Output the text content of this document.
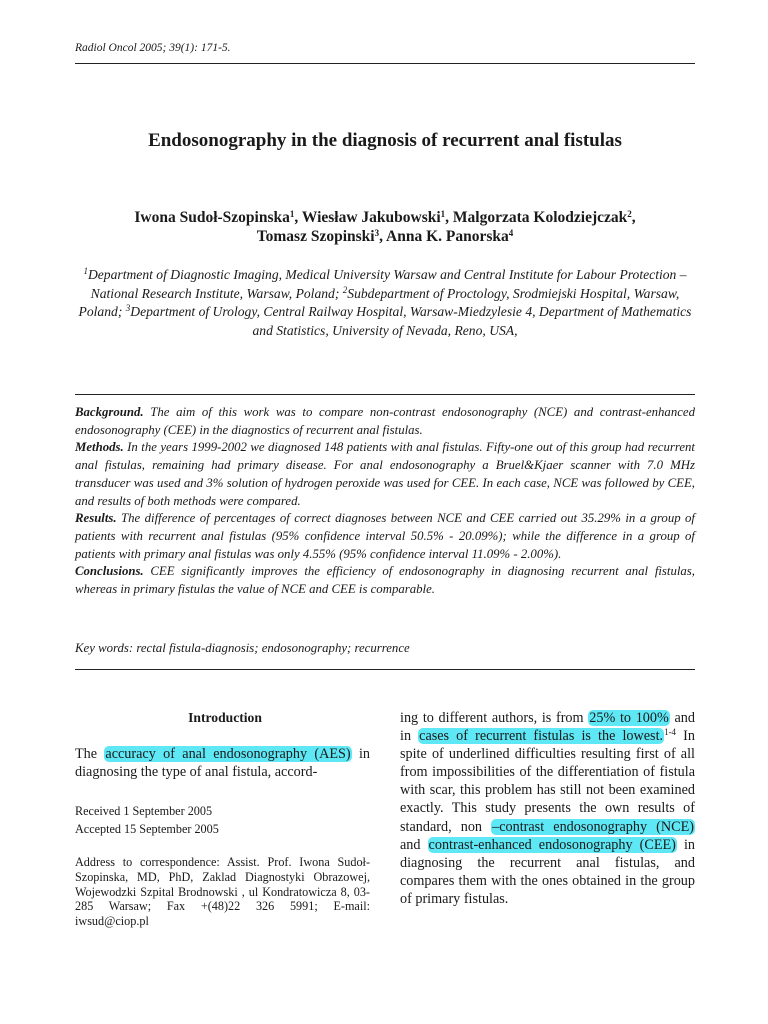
Radiol Oncol 2005; 39(1): 171-5.
Endosonography in the diagnosis of recurrent anal fistulas
Iwona Sudoł-Szopinska$^1$, Wiesław Jakubowski$^1$, Malgorzata Kolodziejczak$^2$,
Tomasz Szopinski$^3$, Anna K. Panorska$^4$
$^1$Department of Diagnostic Imaging, Medical University Warsaw and Central Institute for Labour Protection – National Research Institute, Warsaw, Poland; $^2$Subdepartment of Proctology, Srodmiejski Hospital, Warsaw, Poland; $^3$Department of Urology, Central Railway Hospital, Warsaw-Miedzylesie 4, Department of Mathematics and Statistics, University of Nevada, Reno, USA,

Background. The aim of this work was to compare non-contrast endosonography (NCE) and contrast-enhanced endosonography (CEE) in the diagnostics of recurrent anal fistulas.

Methods. In the years 1999-2002 we diagnosed 148 patients with anal fistulas. Fifty-one out of this group had recurrent anal fistulas, remaining had primary disease. For anal endosonography a Bruel&Kjaer scanner with 7.0 MHz transducer was used and 3% solution of hydrogen peroxide was used for CEE. In each case, NCE was followed by CEE, and results of both methods were compared.

Results. The difference of percentages of correct diagnoses between NCE and CEE carried out 35.29% in a group of patients with recurrent anal fistulas (95% confidence interval 50.5% - 20.09%); while the difference in a group of patients with primary anal fistulas was only 4.55% (95% confidence interval 11.09% - 2.00%).

Conclusions. CEE significantly improves the efficiency of endosonography in diagnosing recurrent anal fistulas, whereas in primary fistulas the value of NCE and CEE is comparable.

Key words: rectal fistula-diagnosis; endosonography; recurrence
Introduction
The accuracy of anal endosonography (AES) in diagnosing the type of anal fistula, accord-
Received 1 September 2005
Accepted 15 September 2005
Address to correspondence: Assist. Prof. Iwona Sudoł-Szopinska, MD, PhD, Zaklad Diagnostyki Obrazowej, Wojewodzki Szpital Brodnowski , ul Kondratowicza 8, 03-285 Warsaw; Fax +(48)22 326 5991; E-mail: iwsud@ciop.pl
ing to different authors, is from 25% to 100% and in cases of recurrent fistulas is the lowest.$^{1-4}$ In spite of underlined difficulties resulting first of all from impossibilities of the differentiation of fistula with scar, this problem has still not been examined exactly. This study presents the own results of standard, non –contrast endosonography (NCE) and contrast-enhanced endosonography (CEE) in diagnosing the recurrent anal fistulas, and compares them with the ones obtained in the group of primary fistulas.
